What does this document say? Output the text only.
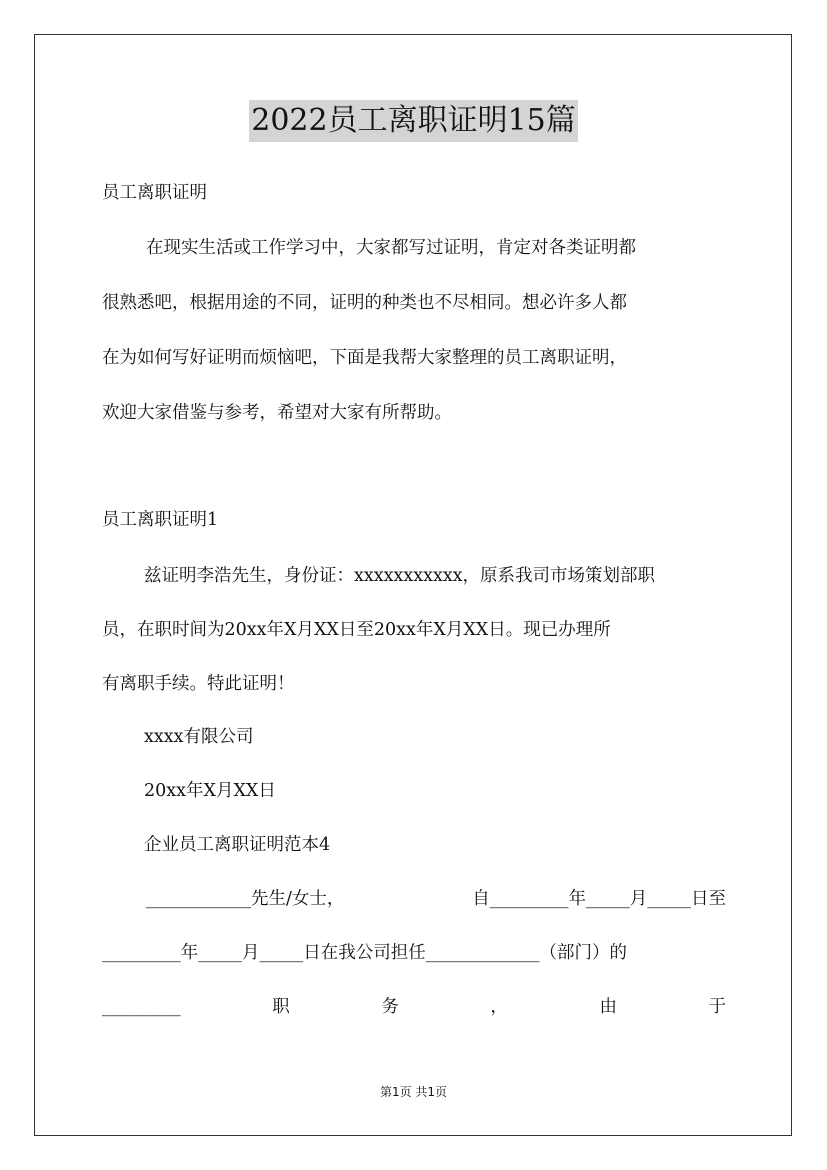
2022员工离职证明15篇
员工离职证明
在现实生活或工作学习中，大家都写过证明，肯定对各类证明都
很熟悉吧，根据用途的不同，证明的种类也不尽相同。想必许多人都
在为如何写好证明而烦恼吧，下面是我帮大家整理的员工离职证明，
欢迎大家借鉴与参考，希望对大家有所帮助。
员工离职证明1
兹证明李浩先生，身份证：xxxxxxxxxxx，原系我司市场策划部职
员，在职时间为20xx年X月XX日至20xx年X月XX日。现已办理所
有离职手续。特此证明！
xxxx有限公司
20xx年X月XX日
企业员工离职证明范本4
____________先生/女士，	自_________年_____月_____日至
_________年_____月_____日在我公司担任_____________（部门）的
_________	职	务	，	由	于
第1页 共1页
